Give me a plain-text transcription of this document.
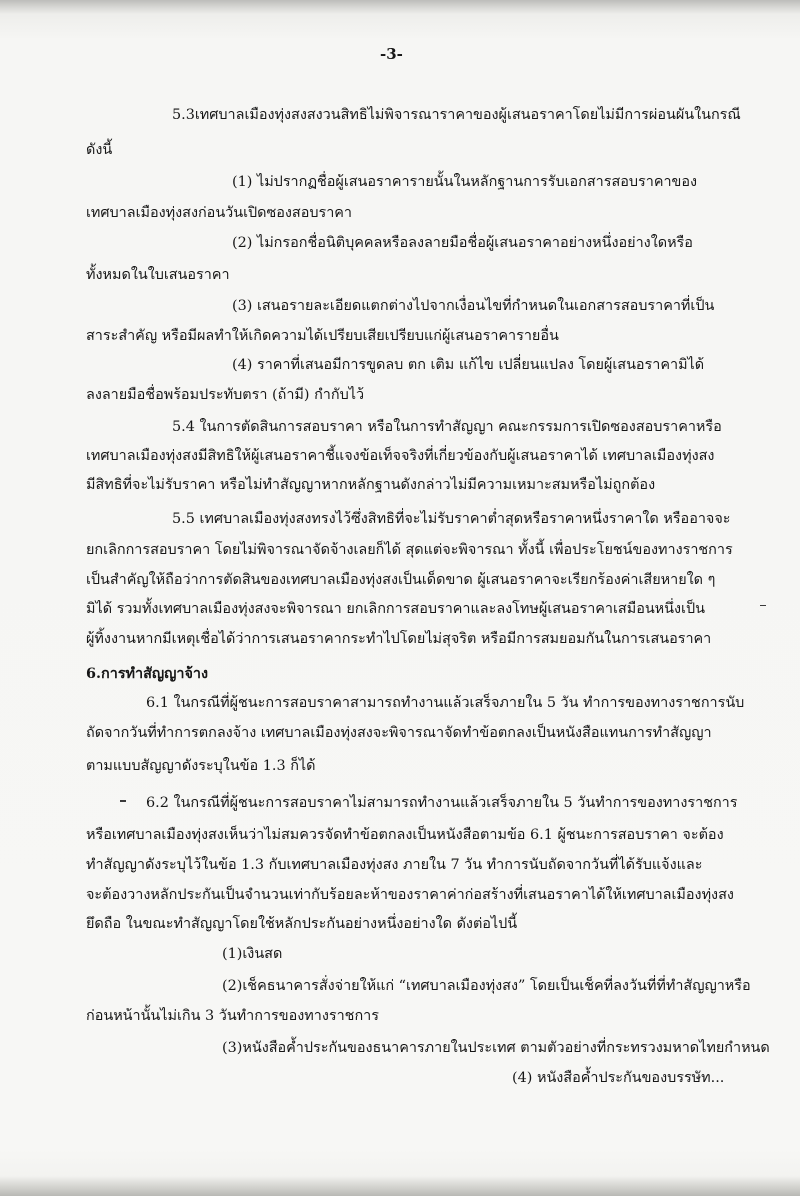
-3-
5.3เทศบาลเมืองทุ่งสงสงวนสิทธิไม่พิจารณาราคาของผู้เสนอราคาโดยไม่มีการผ่อนผันในกรณี
ดังนี้
(1) ไม่ปรากฏชื่อผู้เสนอราคารายนั้นในหลักฐานการรับเอกสารสอบราคาของ
เทศบาลเมืองทุ่งสงก่อนวันเปิดซองสอบราคา
(2) ไม่กรอกชื่อนิติบุคคลหรือลงลายมือชื่อผู้เสนอราคาอย่างหนึ่งอย่างใดหรือ
ทั้งหมดในใบเสนอราคา
(3) เสนอรายละเอียดแตกต่างไปจากเงื่อนไขที่กำหนดในเอกสารสอบราคาที่เป็น
สาระสำคัญ หรือมีผลทำให้เกิดความได้เปรียบเสียเปรียบแก่ผู้เสนอราคารายอื่น
(4) ราคาที่เสนอมีการขูดลบ ตก เติม แก้ไข เปลี่ยนแปลง โดยผู้เสนอราคามิได้
ลงลายมือชื่อพร้อมประทับตรา (ถ้ามี) กำกับไว้
5.4 ในการตัดสินการสอบราคา หรือในการทำสัญญา คณะกรรมการเปิดซองสอบราคาหรือ
เทศบาลเมืองทุ่งสงมีสิทธิให้ผู้เสนอราคาชี้แจงข้อเท็จจริงที่เกี่ยวข้องกับผู้เสนอราคาได้ เทศบาลเมืองทุ่งสง
มีสิทธิที่จะไม่รับราคา หรือไม่ทำสัญญาหากหลักฐานดังกล่าวไม่มีความเหมาะสมหรือไม่ถูกต้อง
5.5 เทศบาลเมืองทุ่งสงทรงไว้ซึ่งสิทธิที่จะไม่รับราคาต่ำสุดหรือราคาหนึ่งราคาใด หรืออาจจะ
ยกเลิกการสอบราคา โดยไม่พิจารณาจัดจ้างเลยก็ได้ สุดแต่จะพิจารณา ทั้งนี้ เพื่อประโยชน์ของทางราชการ
เป็นสำคัญให้ถือว่าการตัดสินของเทศบาลเมืองทุ่งสงเป็นเด็ดขาด ผู้เสนอราคาจะเรียกร้องค่าเสียหายใด ๆ
มิได้ รวมทั้งเทศบาลเมืองทุ่งสงจะพิจารณา ยกเลิกการสอบราคาและลงโทษผู้เสนอราคาเสมือนหนึ่งเป็น
ผู้ทิ้งงานหากมีเหตุเชื่อได้ว่าการเสนอราคากระทำไปโดยไม่สุจริต หรือมีการสมยอมกันในการเสนอราคา
6.การทำสัญญาจ้าง
6.1 ในกรณีที่ผู้ชนะการสอบราคาสามารถทำงานแล้วเสร็จภายใน 5 วัน ทำการของทางราชการนับ
ถัดจากวันที่ทำการตกลงจ้าง เทศบาลเมืองทุ่งสงจะพิจารณาจัดทำข้อตกลงเป็นหนังสือแทนการทำสัญญา
ตามแบบสัญญาดังระบุในข้อ 1.3 ก็ได้
6.2 ในกรณีที่ผู้ชนะการสอบราคาไม่สามารถทำงานแล้วเสร็จภายใน 5 วันทำการของทางราชการ
หรือเทศบาลเมืองทุ่งสงเห็นว่าไม่สมควรจัดทำข้อตกลงเป็นหนังสือตามข้อ 6.1 ผู้ชนะการสอบราคา จะต้อง
ทำสัญญาดังระบุไว้ในข้อ 1.3 กับเทศบาลเมืองทุ่งสง ภายใน 7 วัน ทำการนับถัดจากวันที่ได้รับแจ้งและ
จะต้องวางหลักประกันเป็นจำนวนเท่ากับร้อยละห้าของราคาค่าก่อสร้างที่เสนอราคาได้ให้เทศบาลเมืองทุ่งสง
ยึดถือ ในขณะทำสัญญาโดยใช้หลักประกันอย่างหนึ่งอย่างใด ดังต่อไปนี้
(1)เงินสด
(2)เช็คธนาคารสั่งจ่ายให้แก่ “เทศบาลเมืองทุ่งสง” โดยเป็นเช็คที่ลงวันที่ที่ทำสัญญาหรือ
ก่อนหน้านั้นไม่เกิน 3 วันทำการของทางราชการ
(3)หนังสือค้ำประกันของธนาคารภายในประเทศ ตามตัวอย่างที่กระทรวงมหาดไทยกำหนด
(4) หนังสือค้ำประกันของบรรษัท...
